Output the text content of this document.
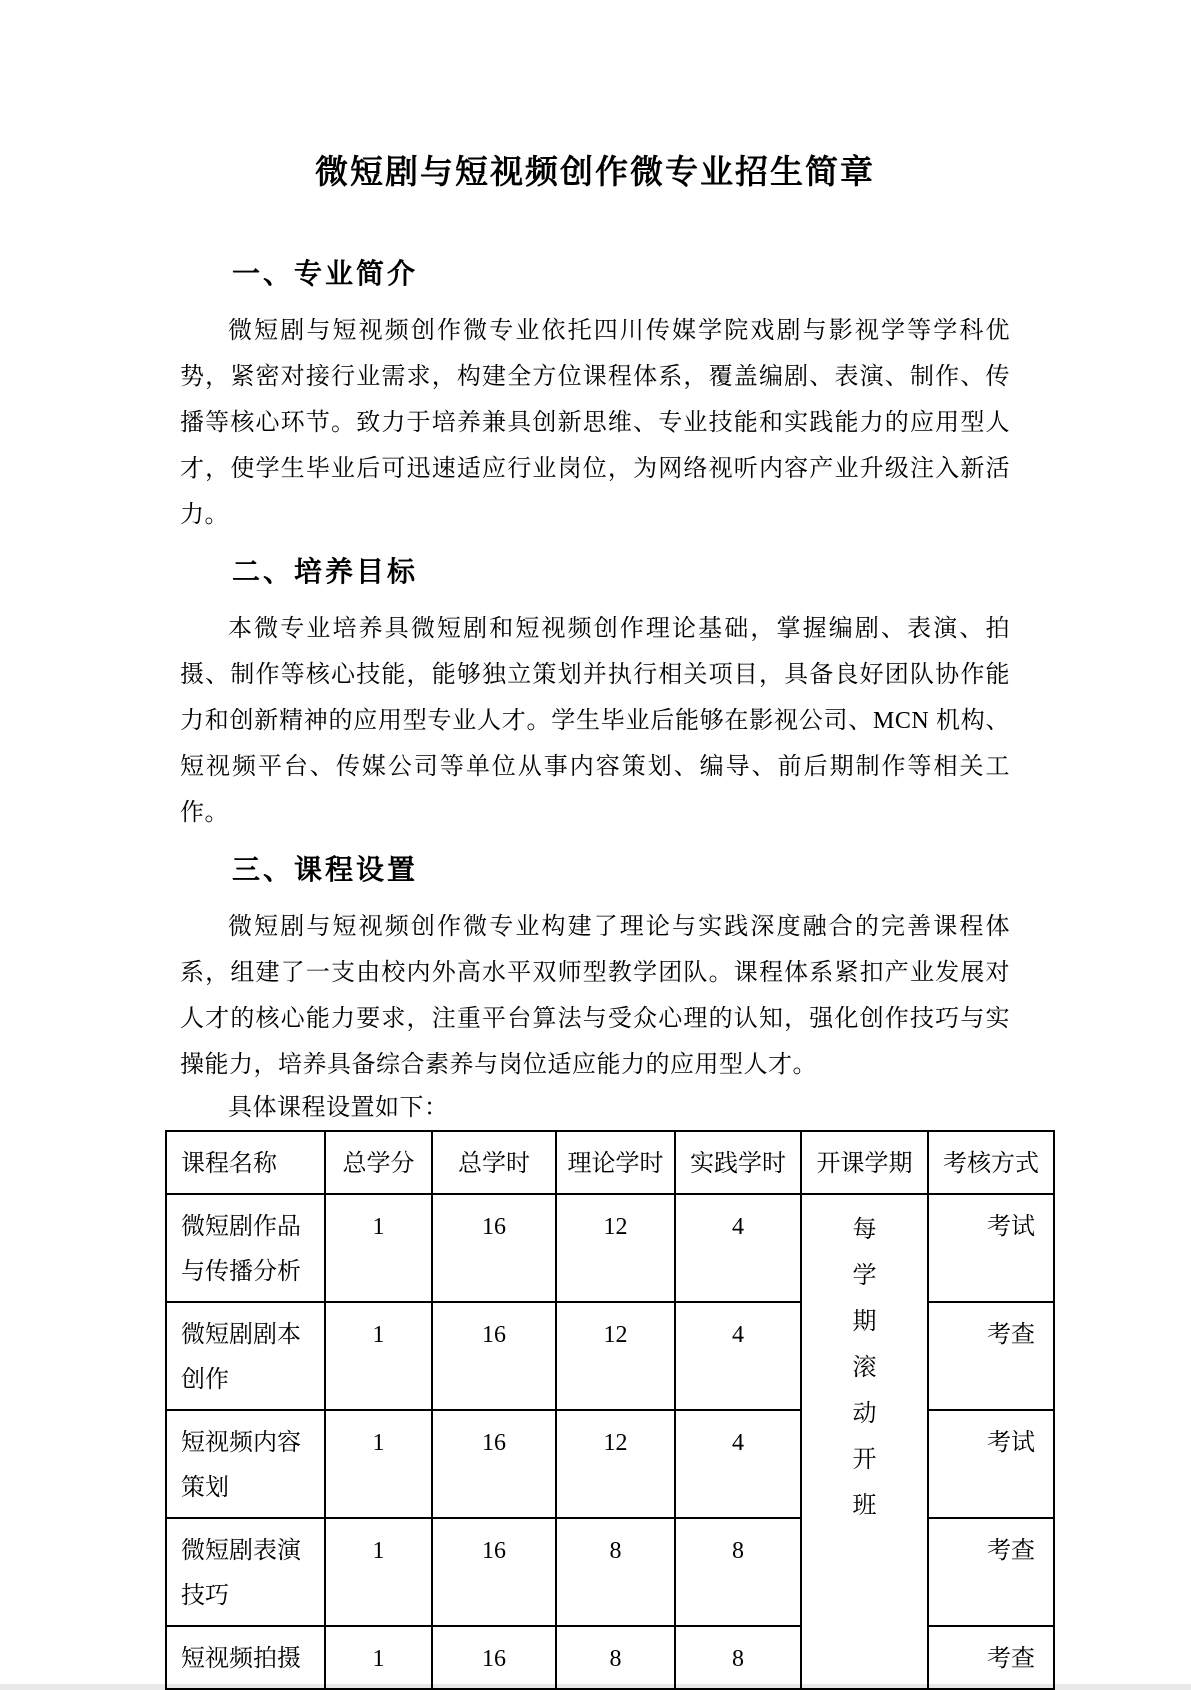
微短剧与短视频创作微专业招生简章
一、专业简介

微短剧与短视频创作微专业依托四川传媒学院戏剧与影视学等学科优势，紧密对接行业需求，构建全方位课程体系，覆盖编剧、表演、制作、传播等核心环节。致力于培养兼具创新思维、专业技能和实践能力的应用型人才，使学生毕业后可迅速适应行业岗位，为网络视听内容产业升级注入新活力。

二、培养目标

本微专业培养具微短剧和短视频创作理论基础，掌握编剧、表演、拍摄、制作等核心技能，能够独立策划并执行相关项目，具备良好团队协作能力和创新精神的应用型专业人才。学生毕业后能够在影视公司、MCN 机构、短视频平台、传媒公司等单位从事内容策划、编导、前后期制作等相关工作。

三、课程设置

微短剧与短视频创作微专业构建了理论与实践深度融合的完善课程体系，组建了一支由校内外高水平双师型教学团队。课程体系紧扣产业发展对人才的核心能力要求，注重平台算法与受众心理的认知，强化创作技巧与实操能力，培养具备综合素养与岗位适应能力的应用型人才。

具体课程设置如下：

课程名称	总学分	总学时	理论学时	实践学时	开课学期	考核方式
微短剧作品与传播分析	1	16	12	4	每学期滚动开班	考试
微短剧剧本创作	1	16	12	4		考查
短视频内容策划	1	16	12	4		考试
微短剧表演技巧	1	16	8	8		考查
短视频拍摄	1	16	8	8		考查
